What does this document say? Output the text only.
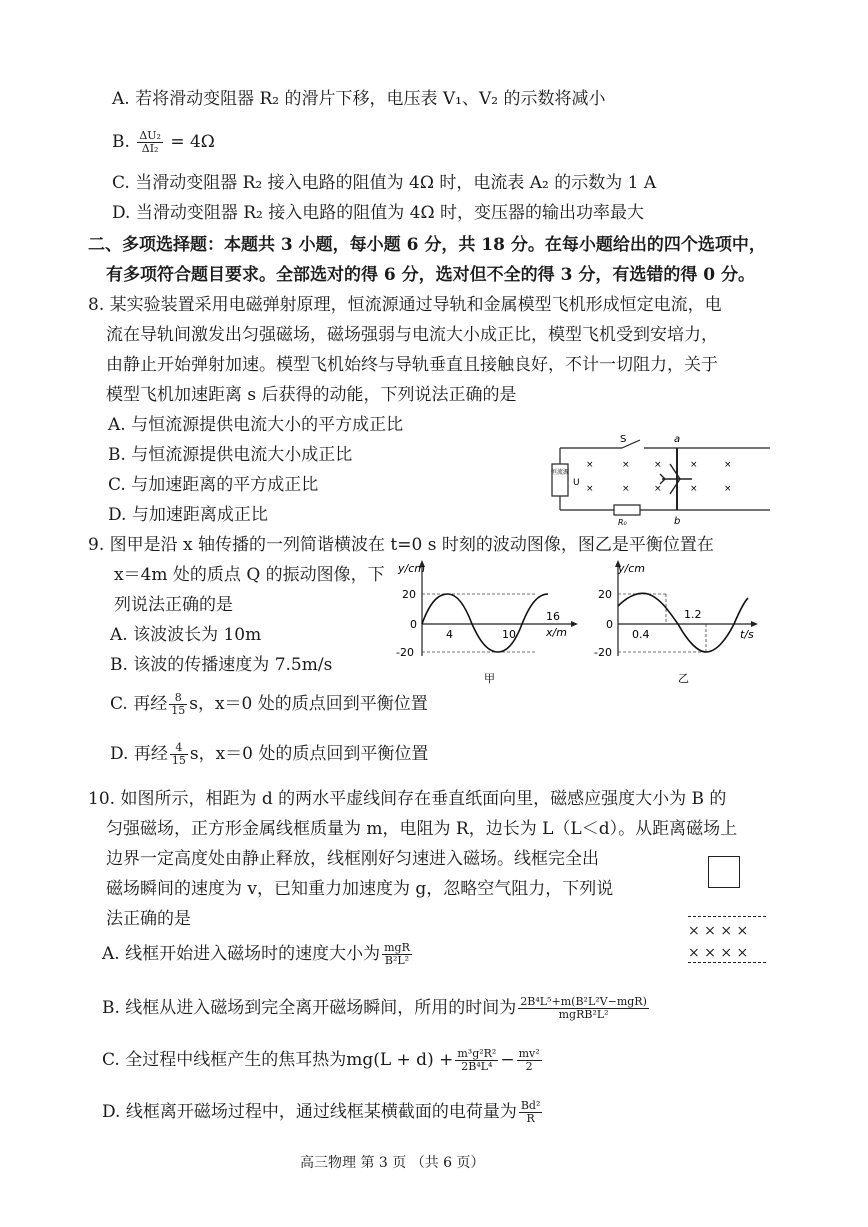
A. 若将滑动变阻器 R₂ 的滑片下移，电压表 V₁、V₂ 的示数将减小
B. $\frac{\text{ΔU₂}}{\text{ΔI₂}} = 4\Omega$
C. 当滑动变阻器 R₂ 接入电路的阻值为 4Ω 时，电流表 A₂ 的示数为 1 A
D. 当滑动变阻器 R₂ 接入电路的阻值为 4Ω 时，变压器的输出功率最大
二、多项选择题：本题共 3 小题，每小题 6 分，共 18 分。在每小题给出的四个选项中，
有多项符合题目要求。全部选对的得 6 分，选对但不全的得 3 分，有选错的得 0 分。
8. 某实验装置采用电磁弹射原理，恒流源通过导轨和金属模型飞机形成恒定电流，电
流在导轨间激发出匀强磁场，磁场强弱与电流大小成正比，模型飞机受到安培力，
由静止开始弹射加速。模型飞机始终与导轨垂直且接触良好，不计一切阻力，关于
模型飞机加速距离 s 后获得的动能，下列说法正确的是
A. 与恒流源提供电流大小的平方成正比
B. 与恒流源提供电流大小成正比
C. 与加速距离的平方成正比
D. 与加速距离成正比
恒流源
U
S	a
b
R₀
×	×	×	×	×
×	×	×	×	×
9. 图甲是沿 x 轴传播的一列简谐横波在 t=0 s 时刻的波动图像，图乙是平衡位置在
x＝4m 处的质点 Q 的振动图像，下
列说法正确的是
A. 该波波长为 10m
B. 该波的传播速度为 7.5m/s
C. 再经 $\frac{8}{15}$ s，x＝0 处的质点回到平衡位置
D. 再经 $\frac{4}{15}$ s，x＝0 处的质点回到平衡位置
y/cm
x/m
20
-20
0
4	10
16
甲
y/cm
t/s
20
-20
0
0.4
1.2
乙
10. 如图所示，相距为 d 的两水平虚线间存在垂直纸面向里，磁感应强度大小为 B 的
匀强磁场，正方形金属线框质量为 m，电阻为 R，边长为 L（L＜d）。从距离磁场上
边界一定高度处由静止释放，线框刚好匀速进入磁场。线框完全出
磁场瞬间的速度为 v，已知重力加速度为 g，忽略空气阻力，下列说
法正确的是
× × × ×
× × × ×
A. 线框开始进入磁场时的速度大小为 $\frac{\text{mgR}}{\text{B²L²}}$
B. 线框从进入磁场到完全离开磁场瞬间，所用的时间为 $\frac{\text{2B⁴L⁵+m(B²L²V−mgR)}}{\text{mgRB²L²}}$
C. 全过程中线框产生的焦耳热为$mg(L + d) + \frac{\text{m³g²R²}}{\text{2B⁴L⁴}} - \frac{\text{mv²}}{2}$
D. 线框离开磁场过程中，通过线框某横截面的电荷量为 $\frac{\text{Bd²}}{R}$
高三物理 第 3 页 （共 6 页）
